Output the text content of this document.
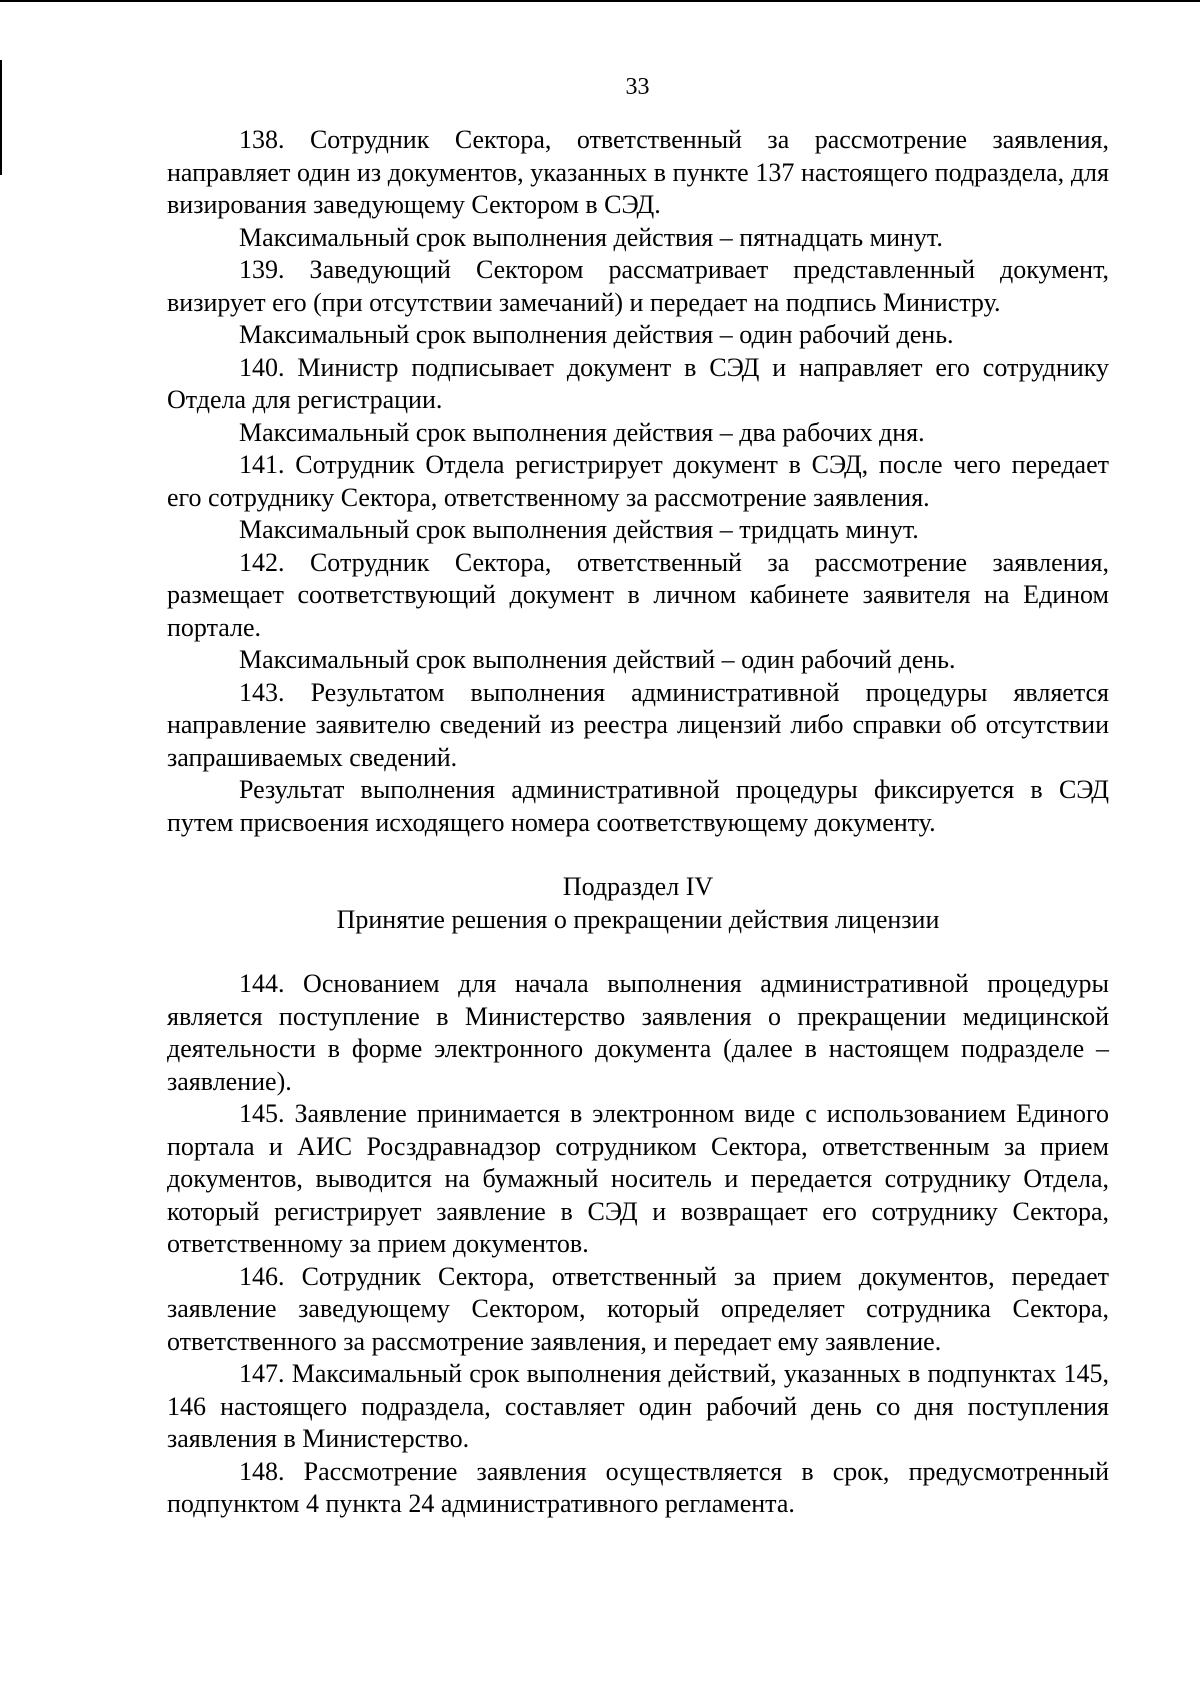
33

138. Сотрудник Сектора, ответственный за рассмотрение заявления, направляет один из документов, указанных в пункте 137 настоящего подраздела, для визирования заведующему Сектором в СЭД.

Максимальный срок выполнения действия – пятнадцать минут.

139. Заведующий Сектором рассматривает представленный документ, визирует его (при отсутствии замечаний) и передает на подпись Министру.

Максимальный срок выполнения действия – один рабочий день.

140. Министр подписывает документ в СЭД и направляет его сотруднику Отдела для регистрации.

Максимальный срок выполнения действия – два рабочих дня.

141. Сотрудник Отдела регистрирует документ в СЭД, после чего передает его сотруднику Сектора, ответственному за рассмотрение заявления.

Максимальный срок выполнения действия – тридцать минут.

142. Сотрудник Сектора, ответственный за рассмотрение заявления, размещает соответствующий документ в личном кабинете заявителя на Едином портале.

Максимальный срок выполнения действий – один рабочий день.

143. Результатом выполнения административной процедуры является направление заявителю сведений из реестра лицензий либо справки об отсутствии запрашиваемых сведений.

Результат выполнения административной процедуры фиксируется в СЭД путем присвоения исходящего номера соответствующему документу.

Подраздел IV

Принятие решения о прекращении действия лицензии

144. Основанием для начала выполнения административной процедуры является поступление в Министерство заявления о прекращении медицинской деятельности в форме электронного документа (далее в настоящем подразделе – заявление).

145. Заявление принимается в электронном виде с использованием Единого портала и АИС Росздравнадзор сотрудником Сектора, ответственным за прием документов, выводится на бумажный носитель и передается сотруднику Отдела, который регистрирует заявление в СЭД и возвращает его сотруднику Сектора, ответственному за прием документов.

146. Сотрудник Сектора, ответственный за прием документов, передает заявление заведующему Сектором, который определяет сотрудника Сектора, ответственного за рассмотрение заявления, и передает ему заявление.

147. Максимальный срок выполнения действий, указанных в подпунктах 145, 146 настоящего подраздела, составляет один рабочий день со дня поступления заявления в Министерство.

148. Рассмотрение заявления осуществляется в срок, предусмотренный подпунктом 4 пункта 24 административного регламента.
